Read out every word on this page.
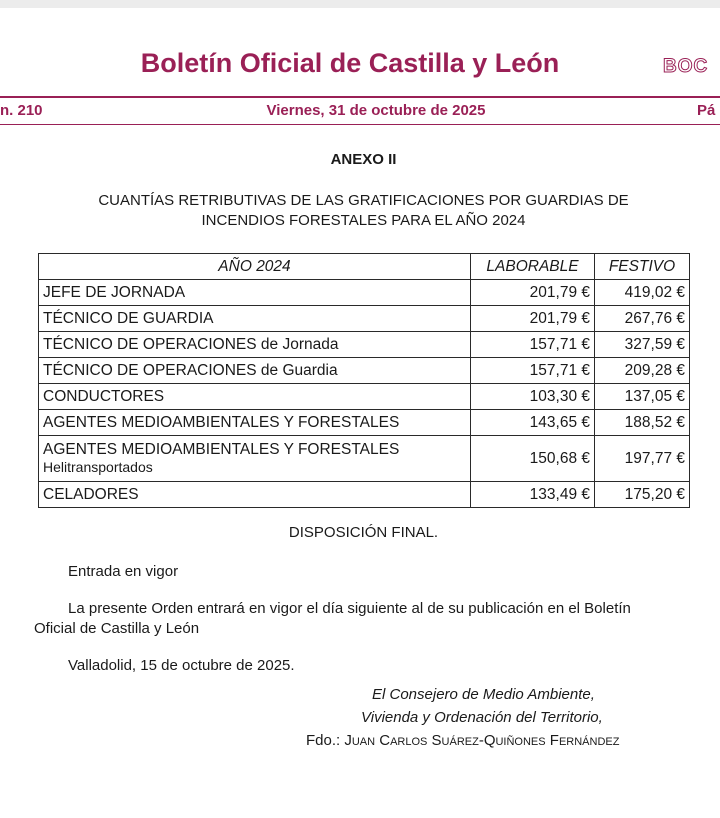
Boletín Oficial de Castilla y León	BOC
n. 210	Viernes, 31 de octubre de 2025	Pá
ANEXO II
CUANTÍAS RETRIBUTIVAS DE LAS GRATIFICACIONES POR GUARDIAS DE
INCENDIOS FORESTALES PARA EL AÑO 2024
AÑO 2024	LABORABLE	FESTIVO
JEFE DE JORNADA	201,79 €	419,02 €
TÉCNICO DE GUARDIA	201,79 €	267,76 €
TÉCNICO DE OPERACIONES de Jornada	157,71 €	327,59 €
TÉCNICO DE OPERACIONES de Guardia	157,71 €	209,28 €
CONDUCTORES	103,30 €	137,05 €
AGENTES MEDIOAMBIENTALES Y FORESTALES	143,65 €	188,52 €
AGENTES MEDIOAMBIENTALES Y FORESTALES
Helitransportados	150,68 €	197,77 €
CELADORES	133,49 €	175,20 €
DISPOSICIÓN FINAL.
Entrada en vigor
La presente Orden entrará en vigor el día siguiente al de su publicación en el Boletín
Oficial de Castilla y León
Valladolid, 15 de octubre de 2025.
El Consejero de Medio Ambiente,
Vivienda y Ordenación del Territorio,
Fdo.: Juan Carlos Suárez-Quiñones Fernández
